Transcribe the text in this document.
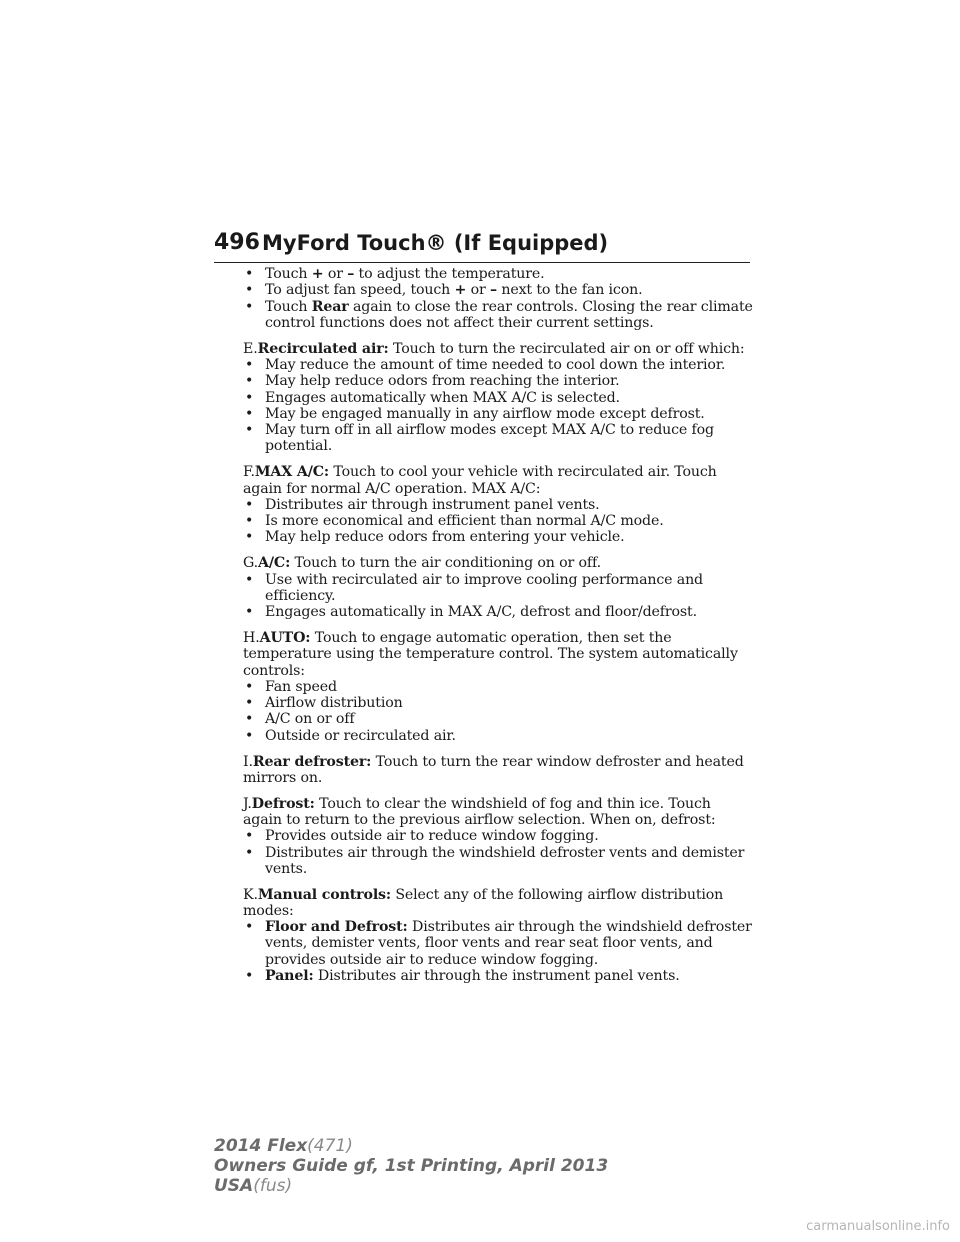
496 MyFord Touch® (If Equipped)
• Touch + or – to adjust the temperature.
• To adjust fan speed, touch + or – next to the fan icon.
• Touch Rear again to close the rear controls. Closing the rear climate control functions does not affect their current settings.

E.Recirculated air: Touch to turn the recirculated air on or off which:

• May reduce the amount of time needed to cool down the interior.
• May help reduce odors from reaching the interior.
• Engages automatically when MAX A/C is selected.
• May be engaged manually in any airflow mode except defrost.
• May turn off in all airflow modes except MAX A/C to reduce fog potential.

F.MAX A/C: Touch to cool your vehicle with recirculated air. Touch again for normal A/C operation. MAX A/C:

• Distributes air through instrument panel vents.
• Is more economical and efficient than normal A/C mode.
• May help reduce odors from entering your vehicle.

G.A/C: Touch to turn the air conditioning on or off.

• Use with recirculated air to improve cooling performance and efficiency.
• Engages automatically in MAX A/C, defrost and floor/defrost.

H.AUTO: Touch to engage automatic operation, then set the temperature using the temperature control. The system automatically controls:

• Fan speed
• Airflow distribution
• A/C on or off
• Outside or recirculated air.

I.Rear defroster: Touch to turn the rear window defroster and heated mirrors on.

J.Defrost: Touch to clear the windshield of fog and thin ice. Touch again to return to the previous airflow selection. When on, defrost:

• Provides outside air to reduce window fogging.
• Distributes air through the windshield defroster vents and demister vents.

K.Manual controls: Select any of the following airflow distribution modes:

• Floor and Defrost: Distributes air through the windshield defroster vents, demister vents, floor vents and rear seat floor vents, and provides outside air to reduce window fogging.
• Panel: Distributes air through the instrument panel vents.
2014 Flex(471)
Owners Guide gf, 1st Printing, April 2013
USA(fus)
carmanualsonline.info
